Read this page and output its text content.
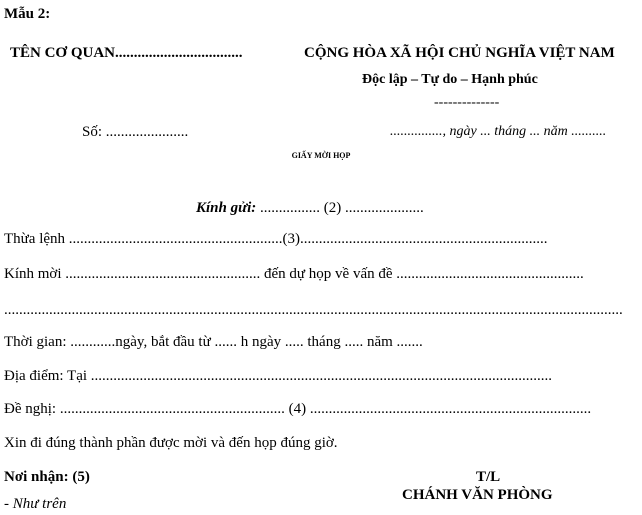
Mẫu 2:
TÊN CƠ QUAN..................................	CỘNG HÒA XÃ HỘI CHỦ NGHĨA VIỆT NAM
Độc lập – Tự do – Hạnh phúc
--------------
Số: ......................	..............., ngày ... tháng ... năm ..........
GIẤY MỜI HỌP
Kính gửi: ................ (2) .....................
Thừa lệnh .........................................................(3)..................................................................
Kính mời .................................................... đến dự họp về vấn đề ..................................................
.....................................................................................................................................................................
Thời gian: ............ngày, bắt đầu từ ...... h ngày ..... tháng ..... năm .......
Địa điểm: Tại ...........................................................................................................................
Đề nghị: ............................................................ (4) ...........................................................................
Xin đi đúng thành phần được mời và đến họp đúng giờ.
Nơi nhận: (5)
- Như trên
T/L
CHÁNH VĂN PHÒNG
